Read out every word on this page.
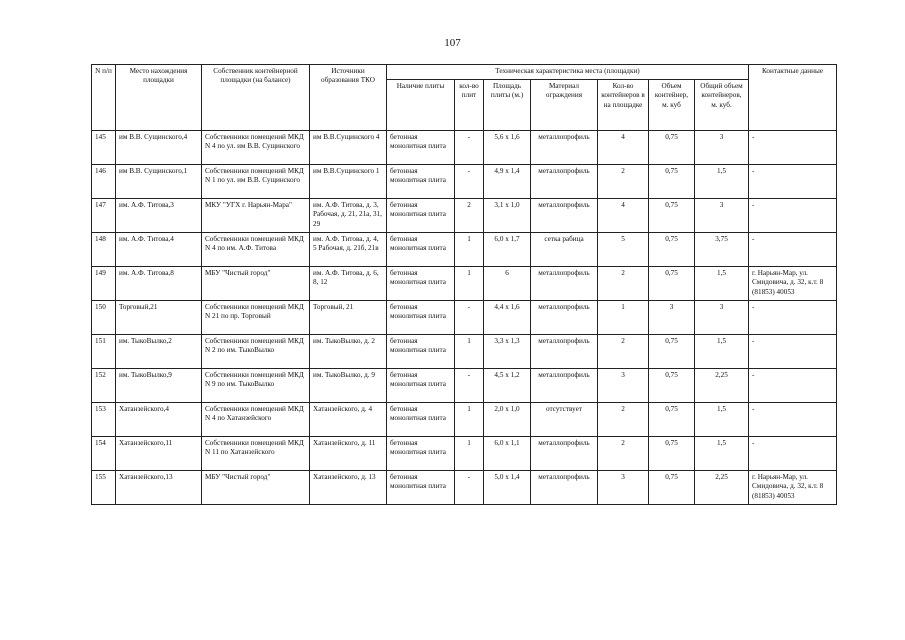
107
N п/п	Место нахождения площадки	Собственник контейнерной площадки (на балансе)	Источники образования ТКО	Техническая характеристика места (площадки)							Контактные данные
				Наличие плиты	кол-во плит	Площадь плиты (м.)	Материал ограждения	Кол-во контейнеров в на площадке	Объем контейнер, м. куб	Общий объем контейнеров, м. куб.	
145	им В.В. Сущинского,4	Собственники помещений МКД N 4 по ул. им В.В. Сущинского	им В.В.Сущинского 4	бетонная монолитная плита	-	5,6 x 1,6	металлопрофиль	4	0,75	3	-
146	им В.В. Сущинского,1	Собственники помещений МКД N 1 по ул. им В.В. Сущинского	им В.В.Сущинского 1	бетонная монолитная плита	-	4,9 x 1,4	металлопрофиль	2	0,75	1,5	-
147	им. А.Ф. Титова,3	МКУ "УГХ г. Нарьян-Мара"	им. А.Ф. Титова, д. 3, Рабочая, д. 21, 21а, 31, 29	бетонная монолитная плита	2	3,1 x 1,0	металлопрофиль	4	0,75	3	-
148	им. А.Ф. Титова,4	Собственники помещений МКД N 4 по им. А.Ф. Титова	им. А.Ф. Титова, д. 4, 5 Рабочая, д. 21б, 21в	бетонная монолитная плита	1	6,0 x 1,7	сетка рабица	5	0,75	3,75	-
149	им. А.Ф. Титова,8	МБУ "Чистый город"	им. А.Ф. Титова, д. 6, 8, 12	бетонная монолитная плита	1	6	металлопрофиль	2	0,75	1,5	г. Нарьян-Мар, ул. Смидовича, д. 32, к.т. 8 (81853) 40053
150	Торговый,21	Собственники помещений МКД N 21 по пр. Торговый	Торговый, 21	бетонная монолитная плита	-	4,4 x 1,6	металлопрофиль	1	3	3	-
151	им. ТыкоВылко,2	Собственники помещений МКД N 2 по им. ТыкоВылко	им. ТыкоВылко, д. 2	бетонная монолитная плита	1	3,3 x 1,3	металлопрофиль	2	0,75	1,5	-
152	им. ТыкоВылко,9	Собственники помещений МКД N 9 по им. ТыкоВылко	им. ТыкоВылко, д. 9	бетонная монолитная плита	-	4,5 x 1,2	металлопрофиль	3	0,75	2,25	-
153	Хатанзейского,4	Собственники помещений МКД N 4 по Хатанзейского	Хатанзейского, д. 4	бетонная монолитная плита	1	2,0 x 1,0	отсутствует	2	0,75	1,5	-
154	Хатанзейского,11	Собственники помещений МКД N 11 по Хатанзейского	Хатанзейского, д. 11	бетонная монолитная плита	1	6,0 x 1,1	металлопрофиль	2	0,75	1,5	-
155	Хатанзейского,13	МБУ "Чистый город"	Хатанзейского, д. 13	бетонная монолитная плита	-	5,0 x 1,4	металлопрофиль	3	0,75	2,25	г. Нарьян-Мар, ул. Смидовича, д. 32, к.т. 8 (81853) 40053
